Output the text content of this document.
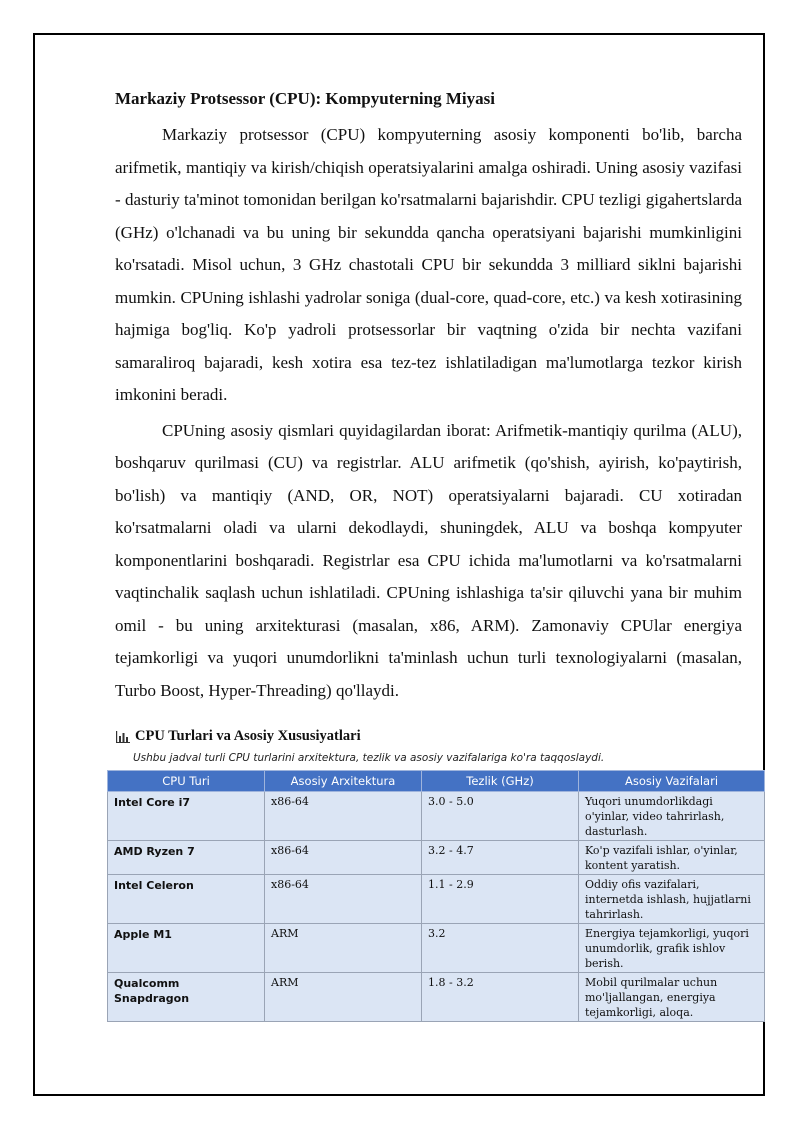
Markaziy Protsessor (CPU): Kompyuterning Miyasi

Markaziy protsessor (CPU) kompyuterning asosiy komponenti bo'lib, barcha arifmetik, mantiqiy va kirish/chiqish operatsiyalarini amalga oshiradi. Uning asosiy vazifasi - dasturiy ta'minot tomonidan berilgan ko'rsatmalarni bajarishdir. CPU tezligi gigahertslarda (GHz) o'lchanadi va bu uning bir sekundda qancha operatsiyani bajarishi mumkinligini ko'rsatadi. Misol uchun, 3 GHz chastotali CPU bir sekundda 3 milliard siklni bajarishi mumkin. CPUning ishlashi yadrolar soniga (dual-core, quad-core, etc.) va kesh xotirasining hajmiga bog'liq. Ko'p yadroli protsessorlar bir vaqtning o'zida bir nechta vazifani samaraliroq bajaradi, kesh xotira esa tez-tez ishlatiladigan ma'lumotlarga tezkor kirish imkonini beradi.

CPUning asosiy qismlari quyidagilardan iborat: Arifmetik-mantiqiy qurilma (ALU), boshqaruv qurilmasi (CU) va registrlar. ALU arifmetik (qo'shish, ayirish, ko'paytirish, bo'lish) va mantiqiy (AND, OR, NOT) operatsiyalarni bajaradi. CU xotiradan ko'rsatmalarni oladi va ularni dekodlaydi, shuningdek, ALU va boshqa kompyuter komponentlarini boshqaradi. Registrlar esa CPU ichida ma'lumotlarni va ko'rsatmalarni vaqtinchalik saqlash uchun ishlatiladi. CPUning ishlashiga ta'sir qiluvchi yana bir muhim omil - bu uning arxitekturasi (masalan, x86, ARM). Zamonaviy CPUlar energiya tejamkorligi va yuqori unumdorlikni ta'minlash uchun turli texnologiyalarni (masalan, Turbo Boost, Hyper-Threading) qo'llaydi.

CPU Turlari va Asosiy Xususiyatlari
Ushbu jadval turli CPU turlarini arxitektura, tezlik va asosiy vazifalariga ko'ra taqqoslaydi.
CPU Turi	Asosiy Arxitektura	Tezlik (GHz)	Asosiy Vazifalari
Intel Core i7	x86-64	3.0 - 5.0	Yuqori unumdorlikdagi o'yinlar, video tahrirlash, dasturlash.
AMD Ryzen 7	x86-64	3.2 - 4.7	Ko'p vazifali ishlar, o'yinlar, kontent yaratish.
Intel Celeron	x86-64	1.1 - 2.9	Oddiy ofis vazifalari, internetda ishlash, hujjatlarni tahrirlash.
Apple M1	ARM	3.2	Energiya tejamkorligi, yuqori unumdorlik, grafik ishlov berish.
Qualcomm Snapdragon	ARM	1.8 - 3.2	Mobil qurilmalar uchun mo'ljallangan, energiya tejamkorligi, aloqa.
